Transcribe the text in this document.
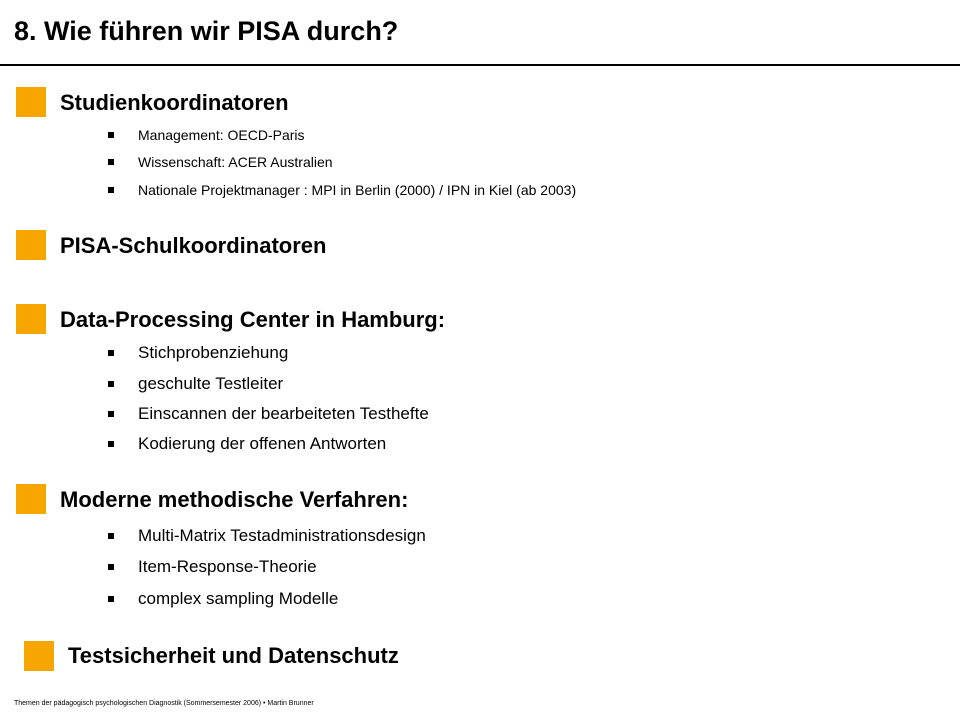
8. Wie führen wir PISA durch?
Studienkoordinatoren
Management: OECD-Paris
Wissenschaft: ACER Australien
Nationale Projektmanager : MPI in Berlin (2000) / IPN in Kiel (ab 2003)
PISA-Schulkoordinatoren
Data-Processing Center in Hamburg:
Stichprobenziehung
geschulte Testleiter
Einscannen der bearbeiteten Testhefte
Kodierung der offenen Antworten
Moderne methodische Verfahren:
Multi-Matrix Testadministrationsdesign
Item-Response-Theorie
complex sampling Modelle
Testsicherheit und Datenschutz
Themen der pädagogisch psychologischen Diagnostik (Sommersemester 2006) • Martin Brunner
